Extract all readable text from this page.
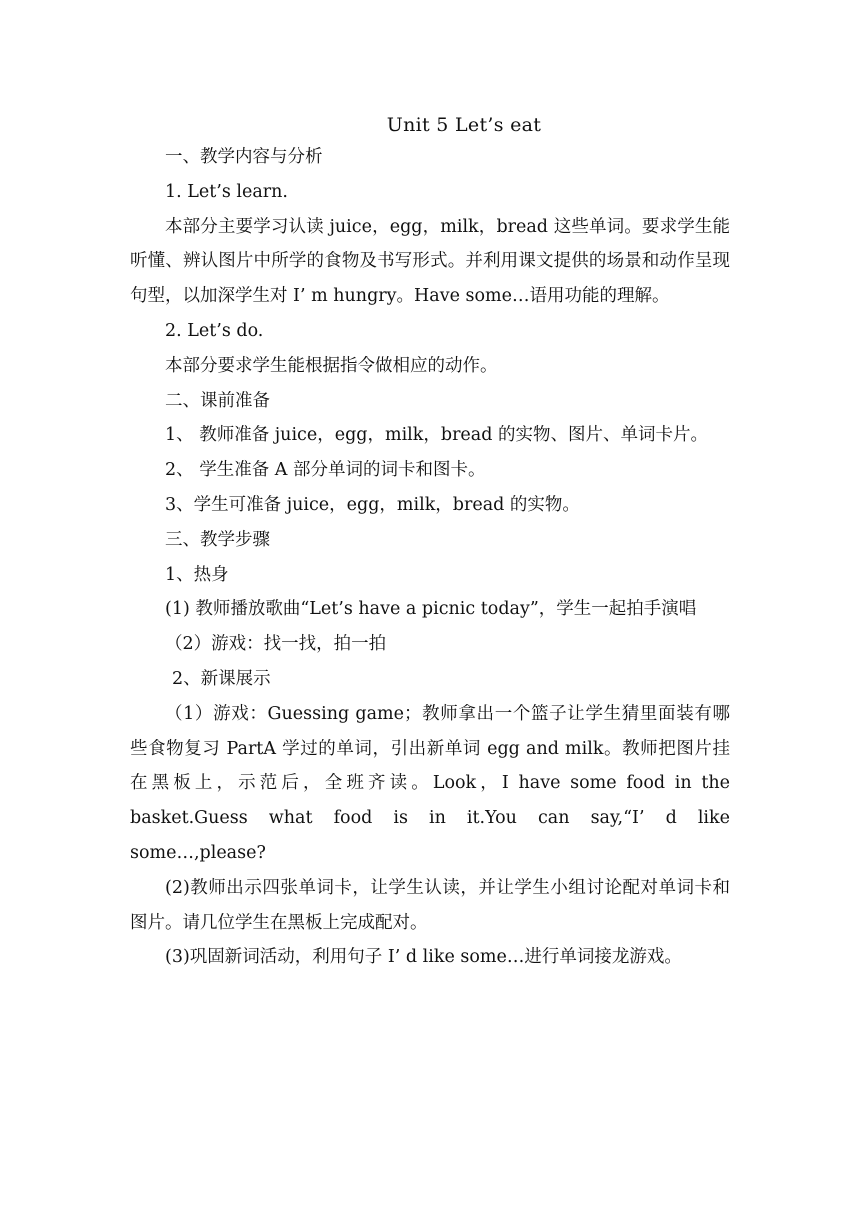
Unit 5 Let’s eat

一、教学内容与分析

1. Let’s learn.

本部分主要学习认读 juice，egg，milk，bread 这些单词。要求学生能听懂、辨认图片中所学的食物及书写形式。并利用课文提供的场景和动作呈现句型，以加深学生对 I’ m hungry。Have some…语用功能的理解。

2. Let’s do.

本部分要求学生能根据指令做相应的动作。

二、课前准备

1、 教师准备 juice，egg，milk，bread 的实物、图片、单词卡片。

2、 学生准备 A 部分单词的词卡和图卡。

3、学生可准备 juice，egg，milk，bread 的实物。

三、教学步骤

1、热身

(1) 教师播放歌曲“Let’s have a picnic today”，学生一起拍手演唱

（2）游戏：找一找，拍一拍

2、新课展示

（1）游戏：Guessing game；教师拿出一个篮子让学生猜里面装有哪些食物复习 PartA 学过的单词，引出新单词 egg and milk。教师把图片挂在黑板上，示范后，全班齐读。Look，I have some food in the basket.Guess what food is in it.You can say,“I’ d like some…,please?

(2)教师出示四张单词卡，让学生认读，并让学生小组讨论配对单词卡和图片。请几位学生在黑板上完成配对。

(3)巩固新词活动，利用句子 I’ d like some…进行单词接龙游戏。
